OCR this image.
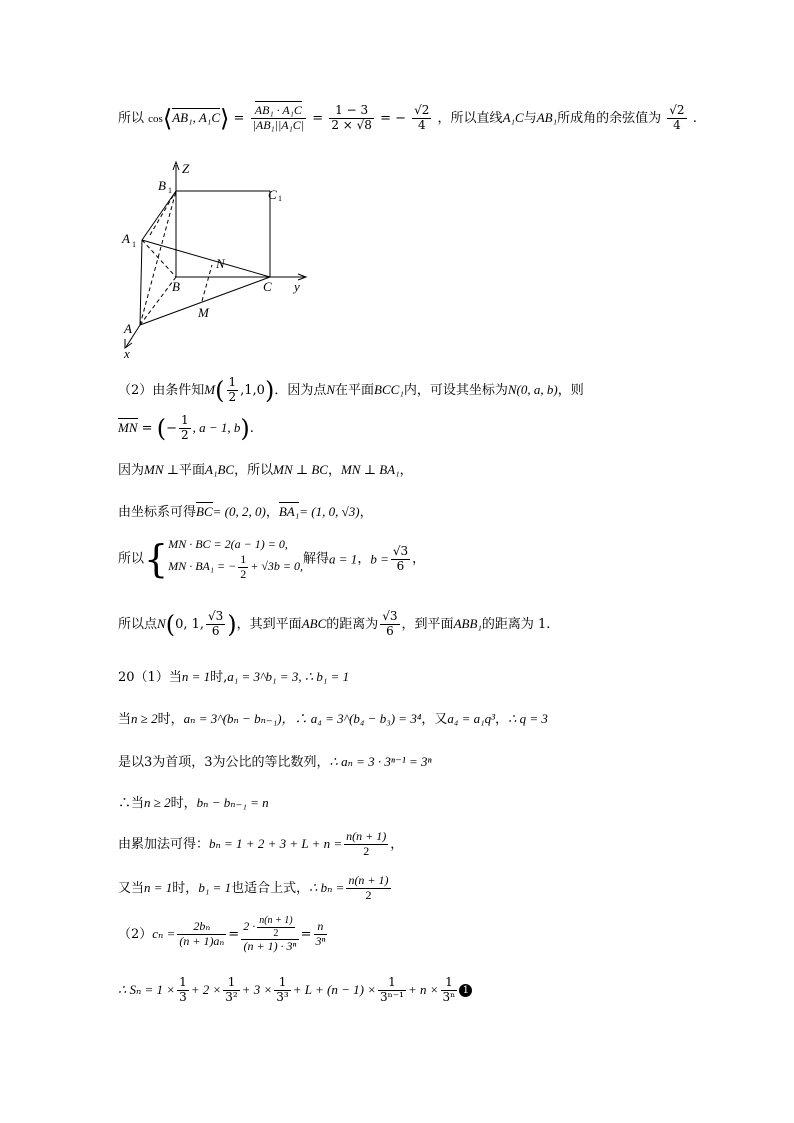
所以 cos⟨AB₁, A₁C⟩ = $\frac{\text{AB₁ · A₁C}}{\text{|AB₁||A₁C|}} = \frac{1 - 3}{2 \times √8}$ = − $\frac{√2}{4}$ ，所以直线A₁C与AB₁所成角的余弦值为 $\frac{√2}{4}$ .
Z
B 1	C 1
A 1
N
B	C y
M
A
x
（2）由条件知$M( \frac{1}{2} ,1,0)$．因为点N在平面BCC₁内，可设其坐标为N(0, a, b)，则
MN = (− $\frac{1}{2}$ , a − 1, b).
因为MN ⊥平面A₁BC，所以MN ⊥ BC，MN ⊥ BA₁，
由坐标系可得BC= (0, 2, 0)，BA₁= (1, 0, √3)，
所以{ MN · BC = 2(a − 1) = 0,
MN · BA₁ = − $\frac{1}{2} + √3b = 0$, 解得a = 1，$b = \frac{√3}{6}$ ，
所以点N(0, 1, $\frac{√3}{6}$ )，其到平面ABC的距离为 $\frac{√3}{6}$ ，到平面ABB₁的距离为 1.
20（1）当n = 1时,a₁ = 3^b₁ = 3, ∴ b₁ = 1
当n ≥ 2时，aₙ = 3^(bₙ − bₙ₋₁)，∴ a₄ = 3^(b₄ − b₃) = 3⁴，又a₄ = a₁q³，∴ q = 3
是以3为首项，3为公比的等比数列，∴ aₙ = 3 · 3ⁿ⁻¹ = 3ⁿ
∴当n ≥ 2时，bₙ − bₙ₋₁ = n
由累加法可得：$b_n = 1 + 2 + 3 + L + n = \frac{n(n + 1)}{2}$ ，
又当n = 1时，b₁ = 1也适合上式，∴ $b_n = \frac{n(n + 1)}{2}$
$(2)c_n = \frac{\text{2bₙ}}{\text{(n + 1)aₙ}} = \frac{2 \cdot \frac{n(n + 1)}{2}}{\text{(n + 1) · 3ⁿ}} = \frac{n}{\text{3ⁿ}}$
∴ $S_n = 1 \times \frac{1}{3} + 2 \times \frac{1}{\text{3²}} + 3 \times \frac{1}{\text{3³}} + L + (n - 1) \times \frac{1}{\text{3ⁿ⁻¹}} + n \times \frac{1}{\text{3ⁿ}} 1$
